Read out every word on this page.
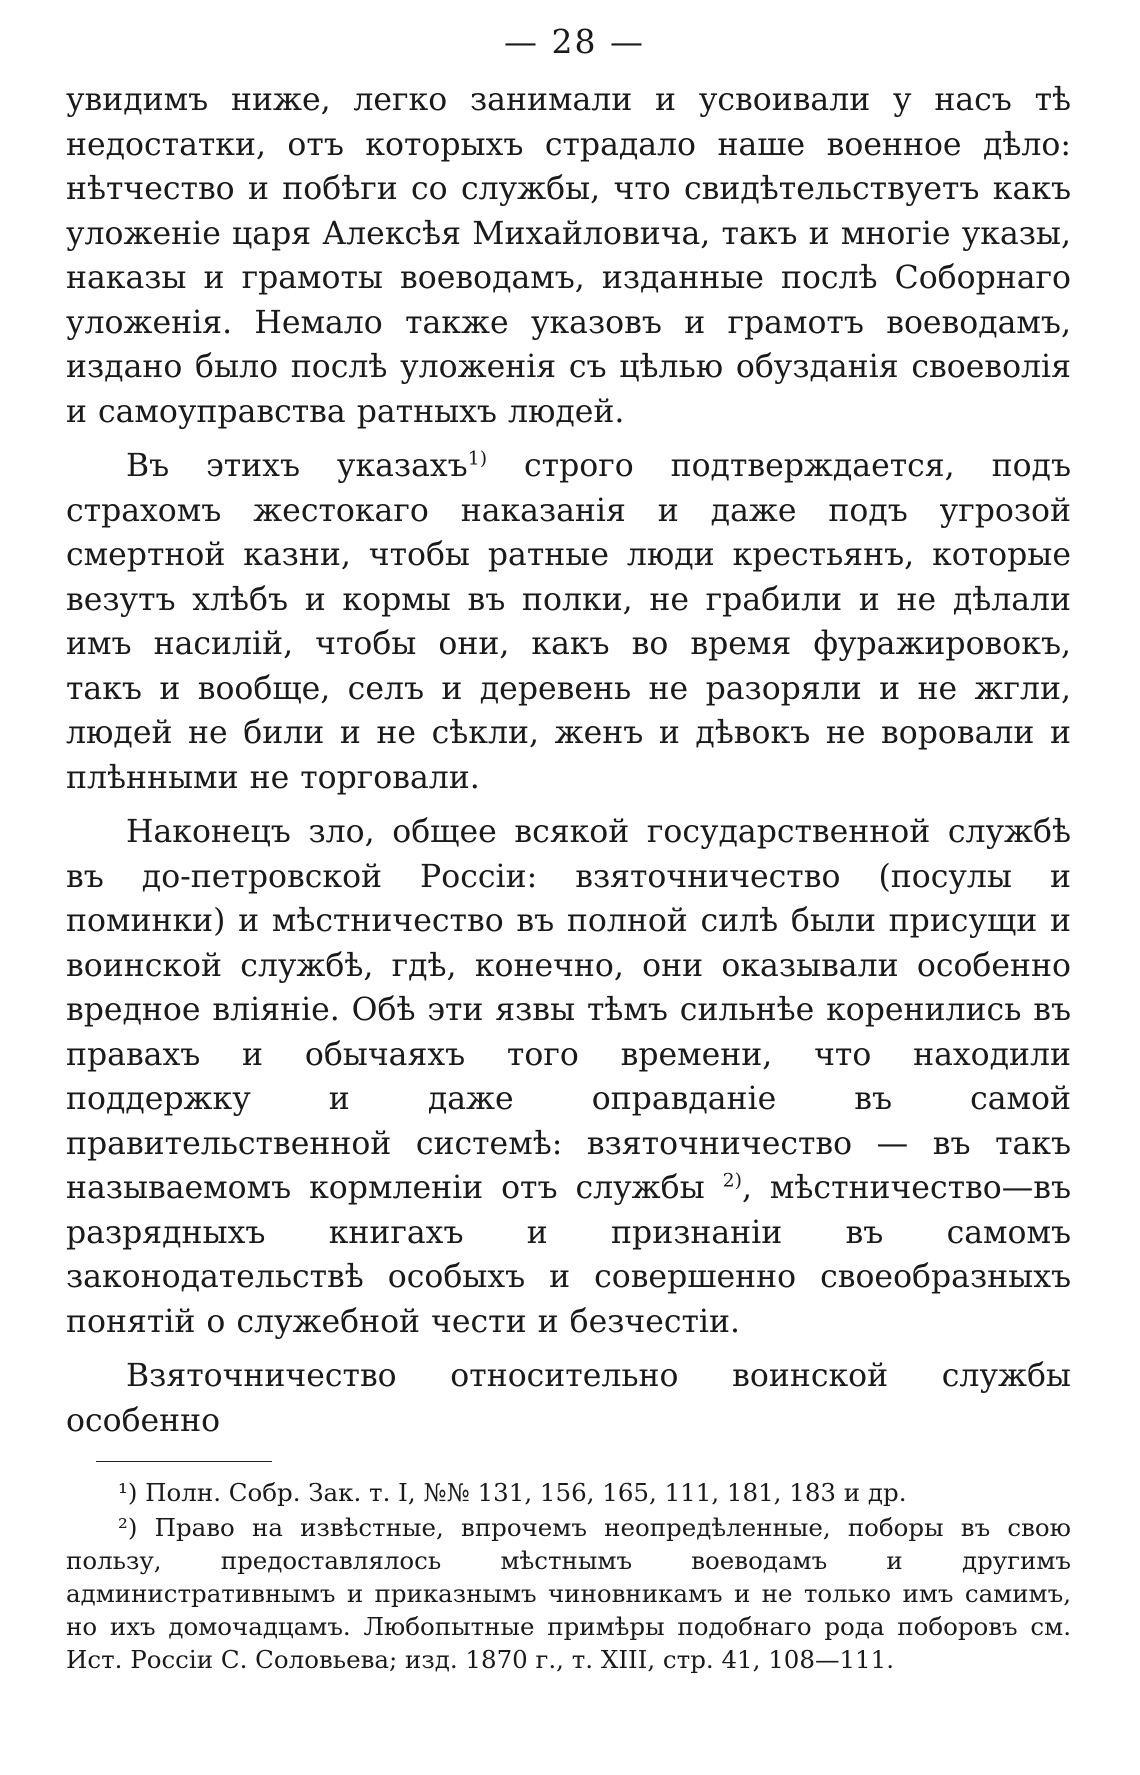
— 28 —

увидимъ ниже, легко занимали и усвоивали у насъ тѣ недостатки, отъ которыхъ страдало наше военное дѣло: нѣтчество и побѣги со службы, что свидѣтельствуетъ какъ уложеніе царя Алексѣя Михайловича, такъ и многіе указы, наказы и грамоты воеводамъ, изданные послѣ Соборнаго уложенія. Немало также указовъ и грамотъ воеводамъ, издано было послѣ уложенія съ цѣлью обузданія своеволія и самоуправства ратныхъ людей.

Въ этихъ указахъ$^{1)}$ строго подтверждается, подъ страхомъ жестокаго наказанія и даже подъ угрозой смертной казни, чтобы ратные люди крестьянъ, которые везутъ хлѣбъ и кормы въ полки, не грабили и не дѣлали имъ насилій, чтобы они, какъ во время фуражировокъ, такъ и вообще, селъ и деревень не разоряли и не жгли, людей не били и не сѣкли, женъ и дѣвокъ не воровали и плѣнными не торговали.

Наконецъ зло, общее всякой государственной службѣ въ до-петровской Россіи: взяточничество (посулы и поминки) и мѣстничество въ полной силѣ были присущи и воинской службѣ, гдѣ, конечно, они оказывали особенно вредное вліяніе. Обѣ эти язвы тѣмъ сильнѣе коренились въ правахъ и обычаяхъ того времени, что находили поддержку и даже оправданіе въ самой правительственной системѣ: взяточничество — въ такъ называемомъ кормленіи отъ службы $^{2)}$, мѣстничество—въ разрядныхъ книгахъ и признаніи въ самомъ законодательствѣ особыхъ и совершенно своеобразныхъ понятій о служебной чести и безчестіи.

Взяточничество относительно воинской службы особенно

¹) Полн. Собр. Зак. т. I, №№ 131, 156, 165, 111, 181, 183 и др.

²) Право на извѣстные, впрочемъ неопредѣленные, поборы въ свою пользу, предоставлялось мѣстнымъ воеводамъ и другимъ административнымъ и приказнымъ чиновникамъ и не только имъ самимъ, но ихъ домочадцамъ. Любопытные примѣры подобнаго рода поборовъ см. Ист. Россіи С. Соловьева; изд. 1870 г., т. XIII, стр. 41, 108—111.
